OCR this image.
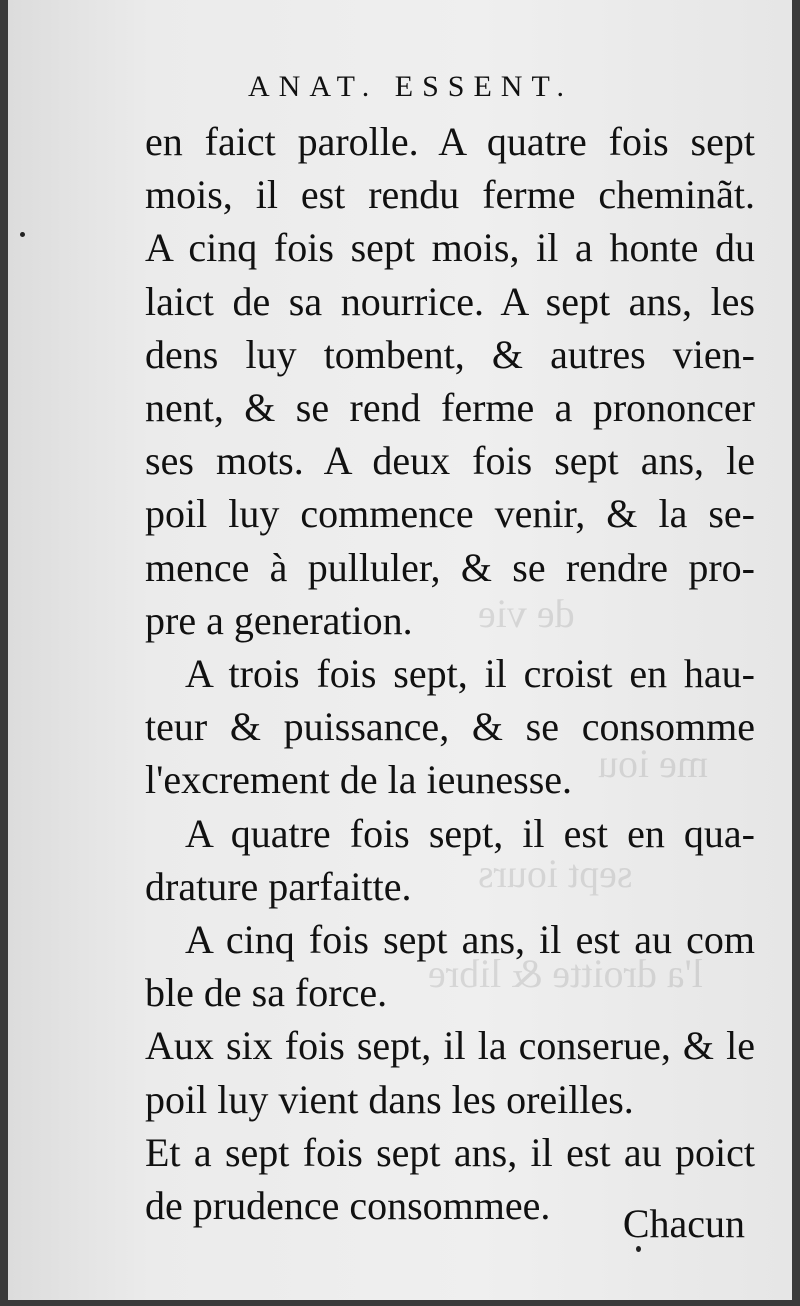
de vie
me iou
sept iours
l'a droitte & libre
ANAT. ESSENT.
en faict parolle. A quatre fois sept
mois, il est rendu ferme cheminãt.
A cinq fois sept mois, il a honte du
laict de sa nourrice. A sept ans, les
dens luy tombent, & autres vien-
nent, & se rend ferme a prononcer
ses mots. A deux fois sept ans, le
poil luy commence venir, & la se-
mence à pulluler, & se rendre pro-
pre a generation.
A trois fois sept, il croist en hau-
teur & puissance, & se consomme
l'excrement de la ieunesse.
A quatre fois sept, il est en qua-
drature parfaitte.
A cinq fois sept ans, il est au com
ble de sa force.
Aux six fois sept, il la conserue, & le
poil luy vient dans les oreilles.
Et a sept fois sept ans, il est au poict
de prudence consommee.	Chacun
